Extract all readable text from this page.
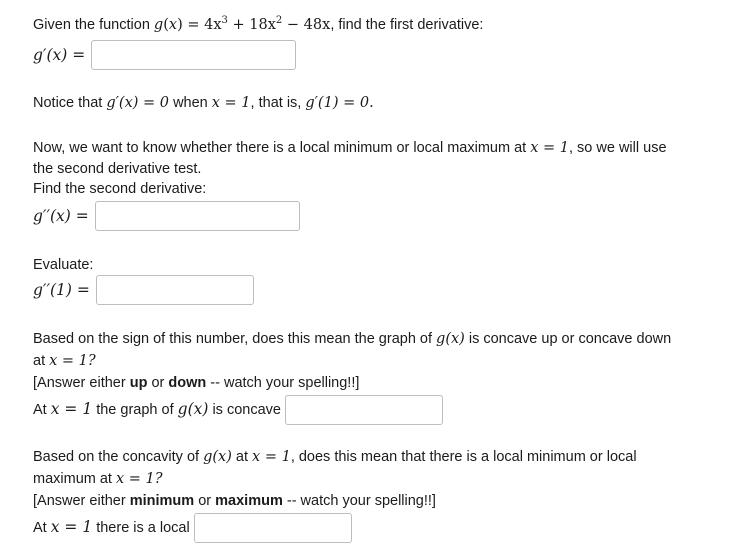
Given the function $g(x) = 4x^3 + 18x^2 - 48x$, find the first derivative:
g′(x) =
Notice that g′(x) = 0 when x = 1, that is, g′(1) = 0.
Now, we want to know whether there is a local minimum or local maximum at x = 1, so we will use
the second derivative test.
Find the second derivative:
g′′(x) =
Evaluate:
g′′(1) =
Based on the sign of this number, does this mean the graph of g(x) is concave up or concave down
at x = 1?
[Answer either up or down -- watch your spelling!!]
At x = 1 the graph of g(x) is concave
Based on the concavity of g(x) at x = 1, does this mean that there is a local minimum or local
maximum at x = 1?
[Answer either minimum or maximum -- watch your spelling!!]
At x = 1 there is a local
